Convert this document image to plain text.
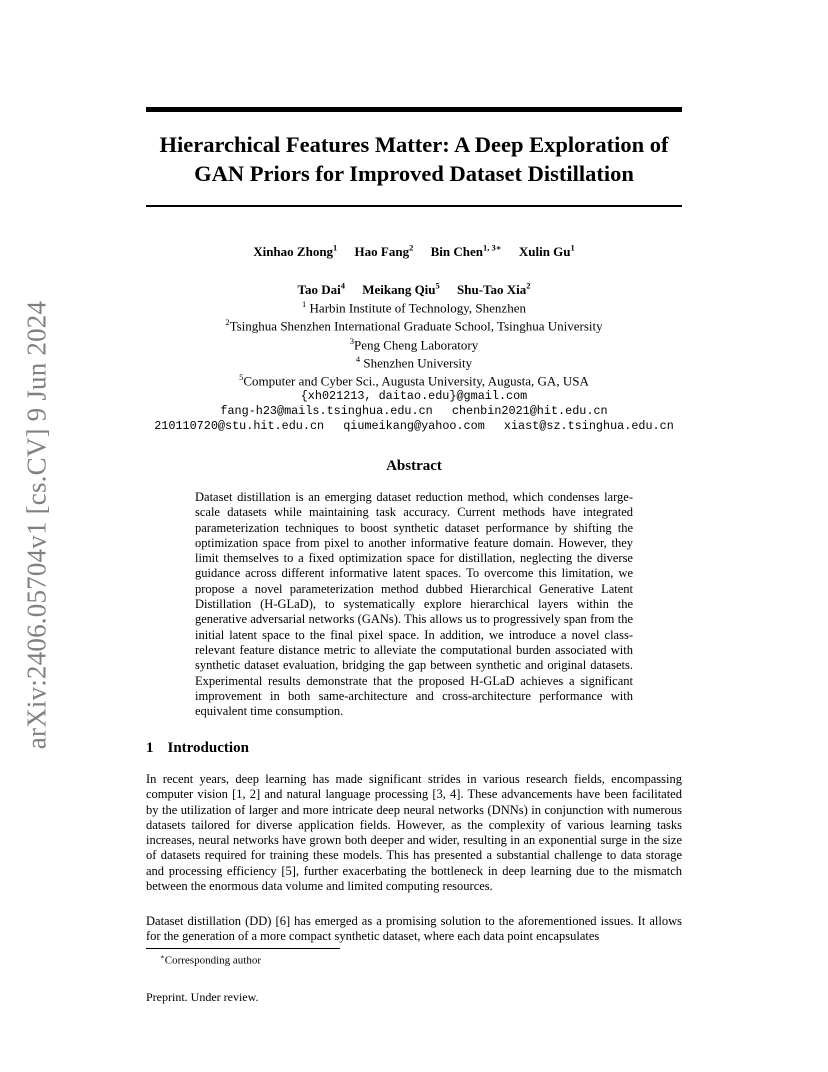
arXiv:2406.05704v1 [cs.CV] 9 Jun 2024
Hierarchical Features Matter: A Deep Exploration of
GAN Priors for Improved Dataset Distillation
Xinhao Zhong$^1$ Hao Fang$^2$ Bin Chen$^{1, 3∗}$ Xulin Gu$^1$
Tao Dai$^4$ Meikang Qiu$^5$ Shu-Tao Xia$^2$
$^1$ Harbin Institute of Technology, Shenzhen
$^2$Tsinghua Shenzhen International Graduate School, Tsinghua University
$^3$Peng Cheng Laboratory
$^4$ Shenzhen University
$^5$Computer and Cyber Sci., Augusta University, Augusta, GA, USA
{xh021213, daitao.edu}@gmail.com
fang-h23@mails.tsinghua.edu.cn chenbin2021@hit.edu.cn
210110720@stu.hit.edu.cn qiumeikang@yahoo.com xiast@sz.tsinghua.edu.cn
Abstract
Dataset distillation is an emerging dataset reduction method, which condenses large-scale datasets while maintaining task accuracy. Current methods have integrated parameterization techniques to boost synthetic dataset performance by shifting the optimization space from pixel to another informative feature domain. However, they limit themselves to a fixed optimization space for distillation, neglecting the diverse guidance across different informative latent spaces. To overcome this limitation, we propose a novel parameterization method dubbed Hierarchical Generative Latent Distillation (H-GLaD), to systematically explore hierarchical layers within the generative adversarial networks (GANs). This allows us to progressively span from the initial latent space to the final pixel space. In addition, we introduce a novel class-relevant feature distance metric to alleviate the computational burden associated with synthetic dataset evaluation, bridging the gap between synthetic and original datasets. Experimental results demonstrate that the proposed H-GLaD achieves a significant improvement in both same-architecture and cross-architecture performance with equivalent time consumption.
1 Introduction
In recent years, deep learning has made significant strides in various research fields, encompassing computer vision [1, 2] and natural language processing [3, 4]. These advancements have been facilitated by the utilization of larger and more intricate deep neural networks (DNNs) in conjunction with numerous datasets tailored for diverse application fields. However, as the complexity of various learning tasks increases, neural networks have grown both deeper and wider, resulting in an exponential surge in the size of datasets required for training these models. This has presented a substantial challenge to data storage and processing efficiency [5], further exacerbating the bottleneck in deep learning due to the mismatch between the enormous data volume and limited computing resources.
Dataset distillation (DD) [6] has emerged as a promising solution to the aforementioned issues. It allows for the generation of a more compact synthetic dataset, where each data point encapsulates
∗Corresponding author
Preprint. Under review.
